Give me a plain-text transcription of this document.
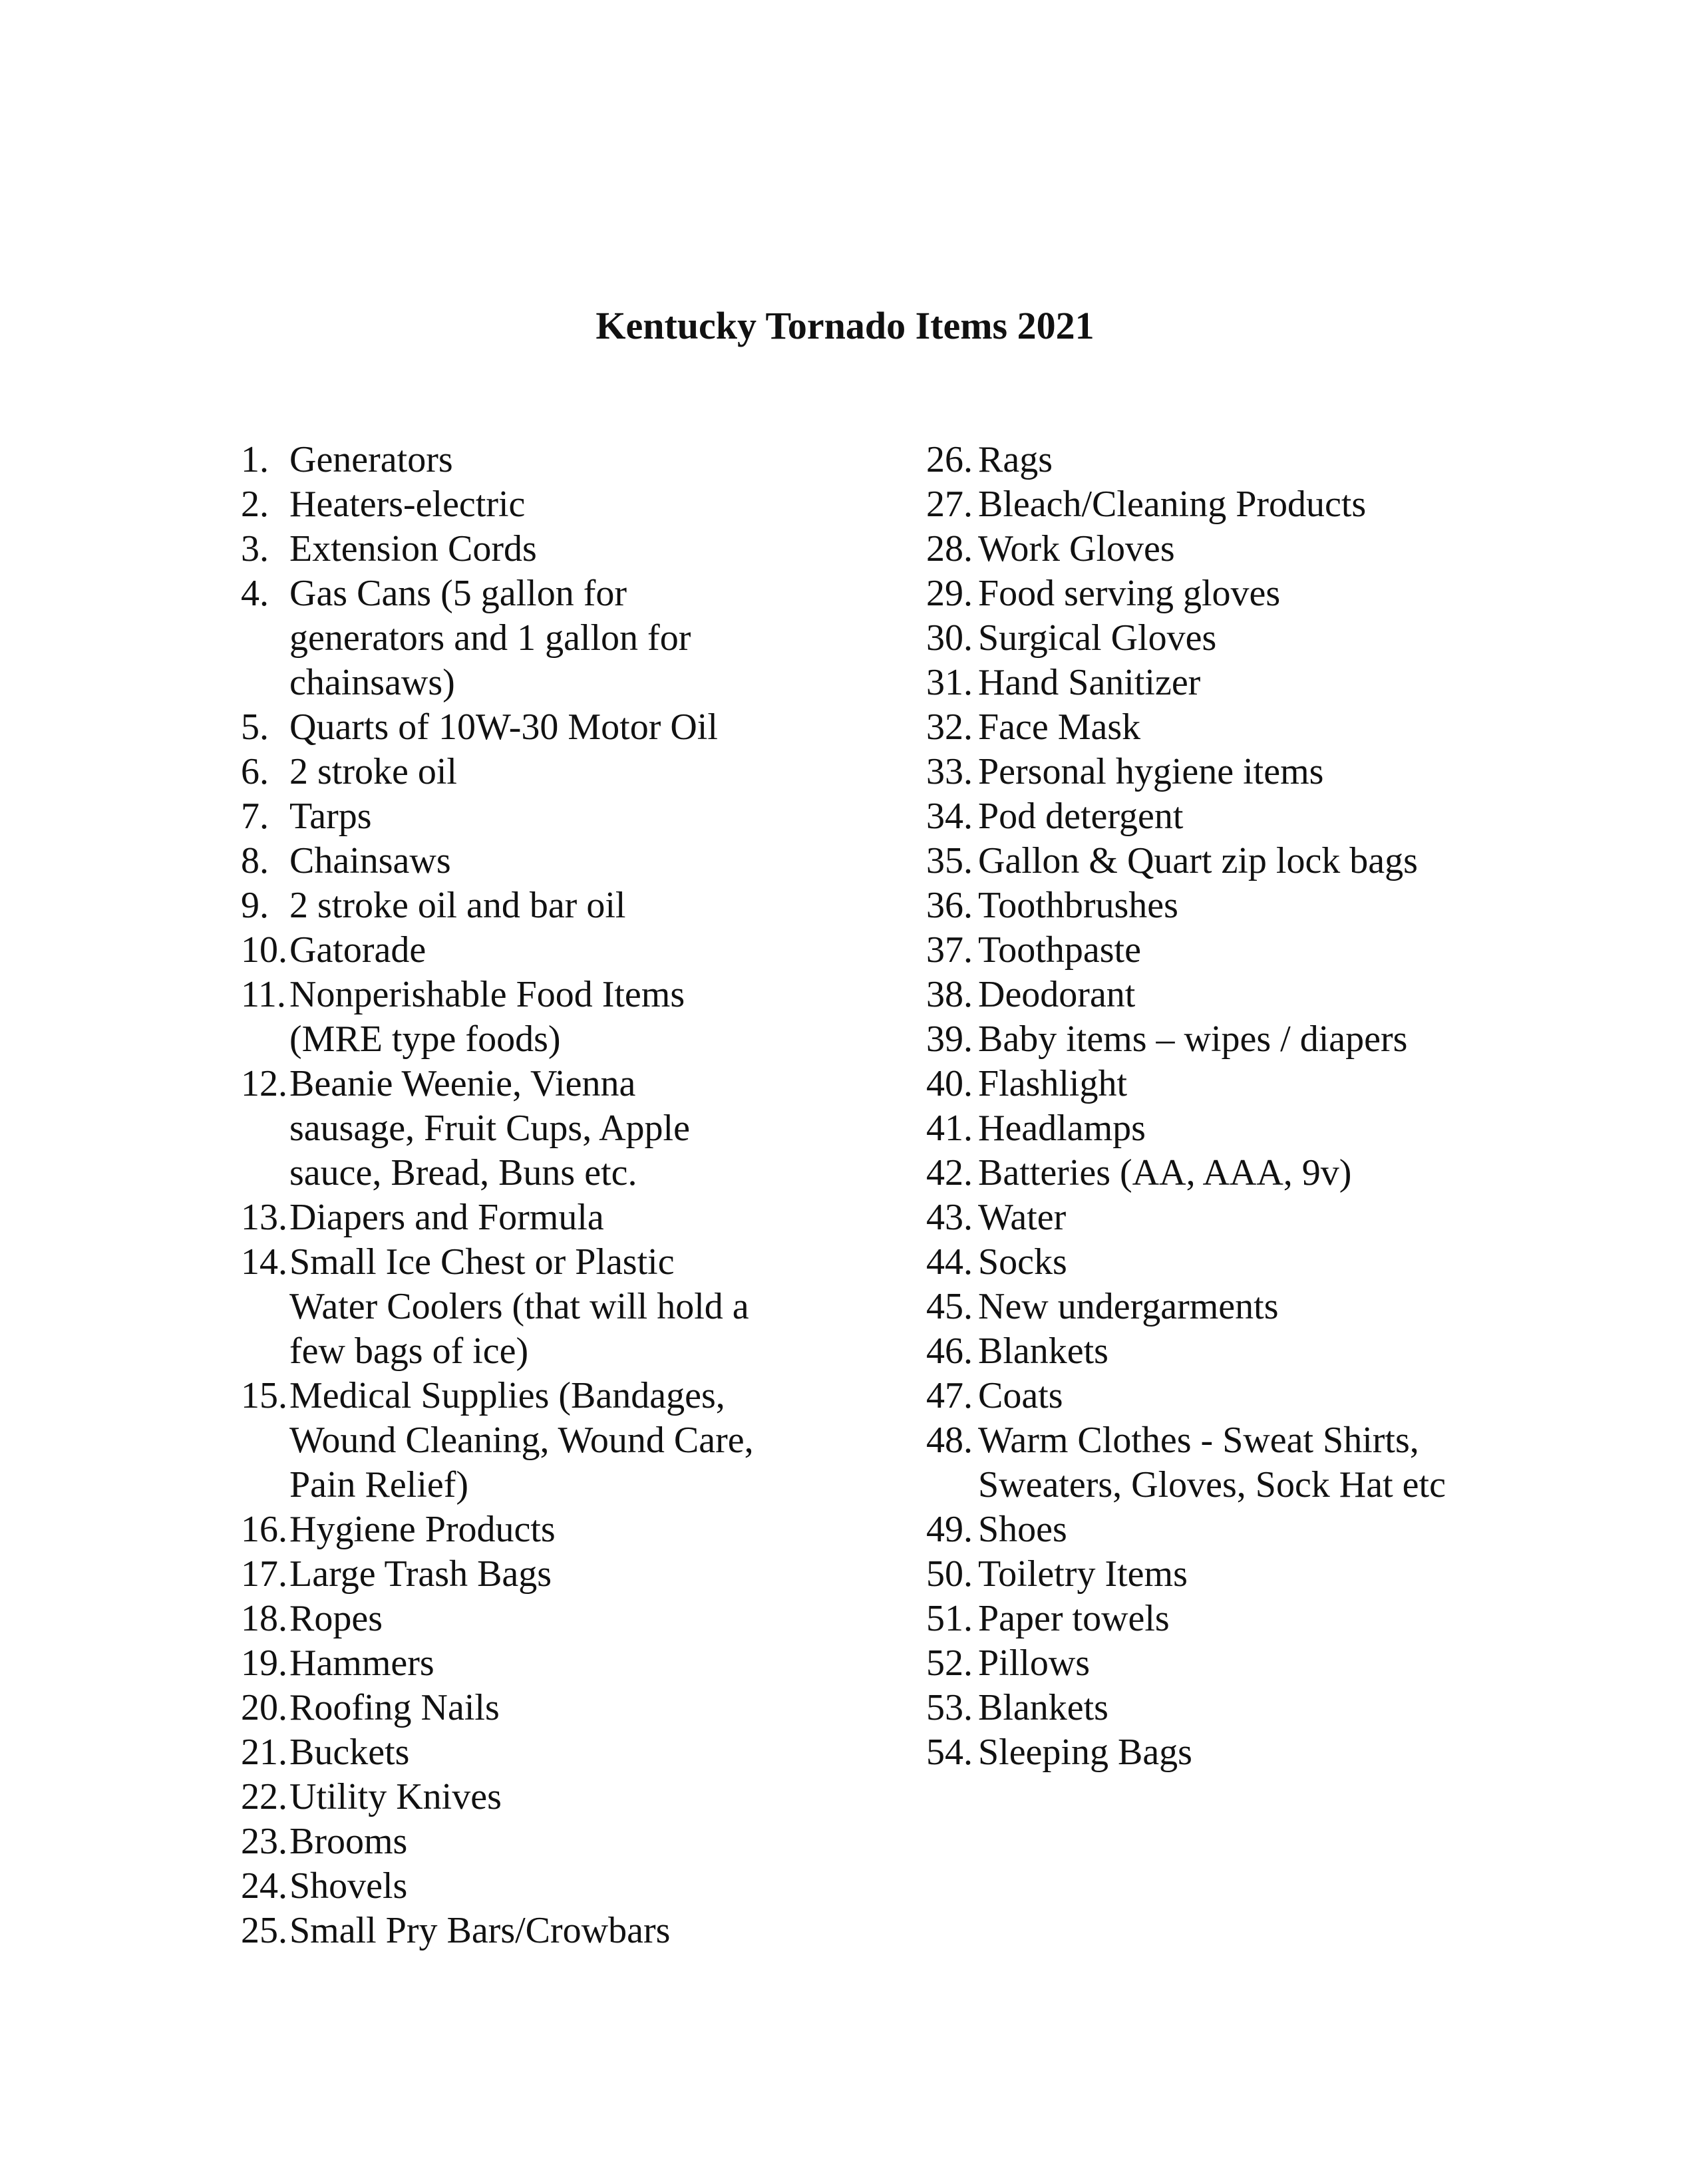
Kentucky Tornado Items 2021
1. Generators
2. Heaters-electric
3. Extension Cords
4. Gas Cans (5 gallon for
generators and 1 gallon for
chainsaws)
5. Quarts of 10W-30 Motor Oil
6. 2 stroke oil
7. Tarps
8. Chainsaws
9. 2 stroke oil and bar oil
10. Gatorade
11. Nonperishable Food Items
(MRE type foods)
12. Beanie Weenie, Vienna
sausage, Fruit Cups, Apple
sauce, Bread, Buns etc.
13. Diapers and Formula
14. Small Ice Chest or Plastic
Water Coolers (that will hold a
few bags of ice)
15. Medical Supplies (Bandages,
Wound Cleaning, Wound Care,
Pain Relief)
16. Hygiene Products
17. Large Trash Bags
18. Ropes
19. Hammers
20. Roofing Nails
21. Buckets
22. Utility Knives
23. Brooms
24. Shovels
25. Small Pry Bars/Crowbars
26. Rags
27. Bleach/Cleaning Products
28. Work Gloves
29. Food serving gloves
30. Surgical Gloves
31. Hand Sanitizer
32. Face Mask
33. Personal hygiene items
34. Pod detergent
35. Gallon & Quart zip lock bags
36. Toothbrushes
37. Toothpaste
38. Deodorant
39. Baby items – wipes / diapers
40. Flashlight
41. Headlamps
42. Batteries (AA, AAA, 9v)
43. Water
44. Socks
45. New undergarments
46. Blankets
47. Coats
48. Warm Clothes - Sweat Shirts,
Sweaters, Gloves, Sock Hat etc
49. Shoes
50. Toiletry Items
51. Paper towels
52. Pillows
53. Blankets
54. Sleeping Bags
